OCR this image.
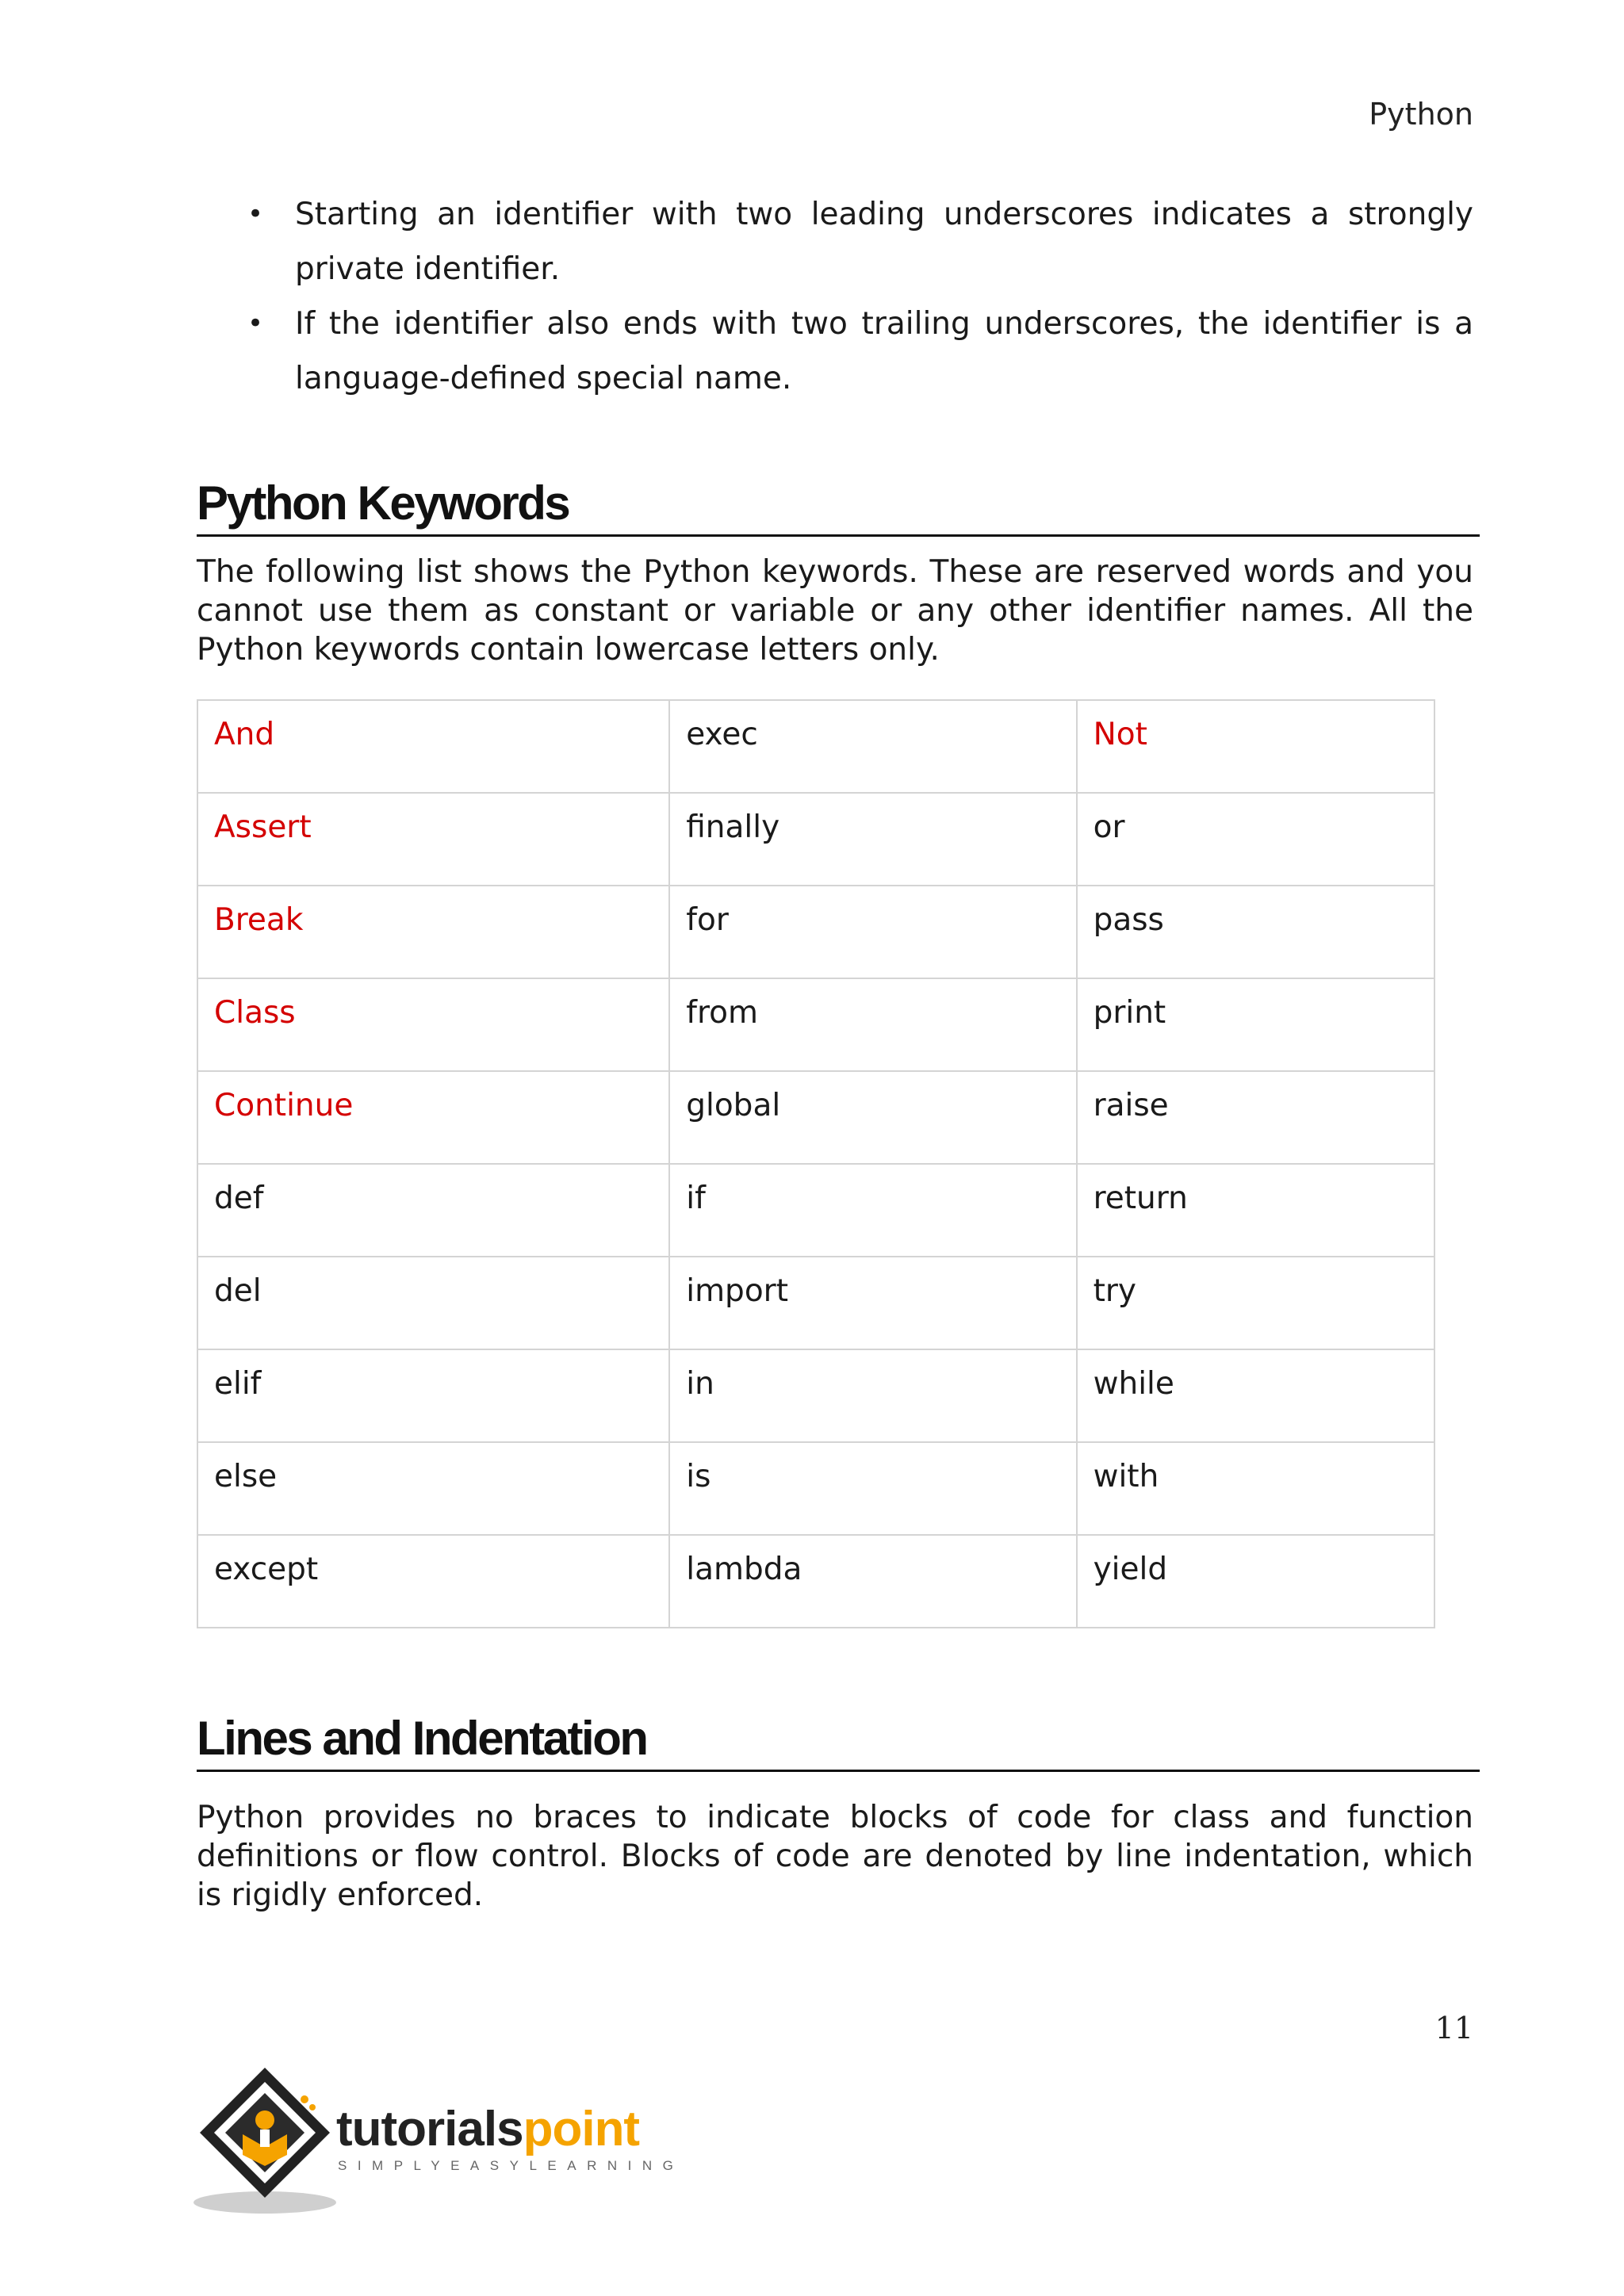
Python
• Starting an identifier with two leading underscores indicates a strongly private identifier.
• If the identifier also ends with two trailing underscores, the identifier is a language-defined special name.
Python Keywords

The following list shows the Python keywords. These are reserved words and you cannot use them as constant or variable or any other identifier names. All the Python keywords contain lowercase letters only.

And	exec	Not
Assert	finally	or
Break	for	pass
Class	from	print
Continue	global	raise
def	if	return
del	import	try
elif	in	while
else	is	with
except	lambda	yield
Lines and Indentation

Python provides no braces to indicate blocks of code for class and function definitions or flow control. Blocks of code are denoted by line indentation, which is rigidly enforced.

11
tutorialspoint
SIMPLYEASYLEARNING
